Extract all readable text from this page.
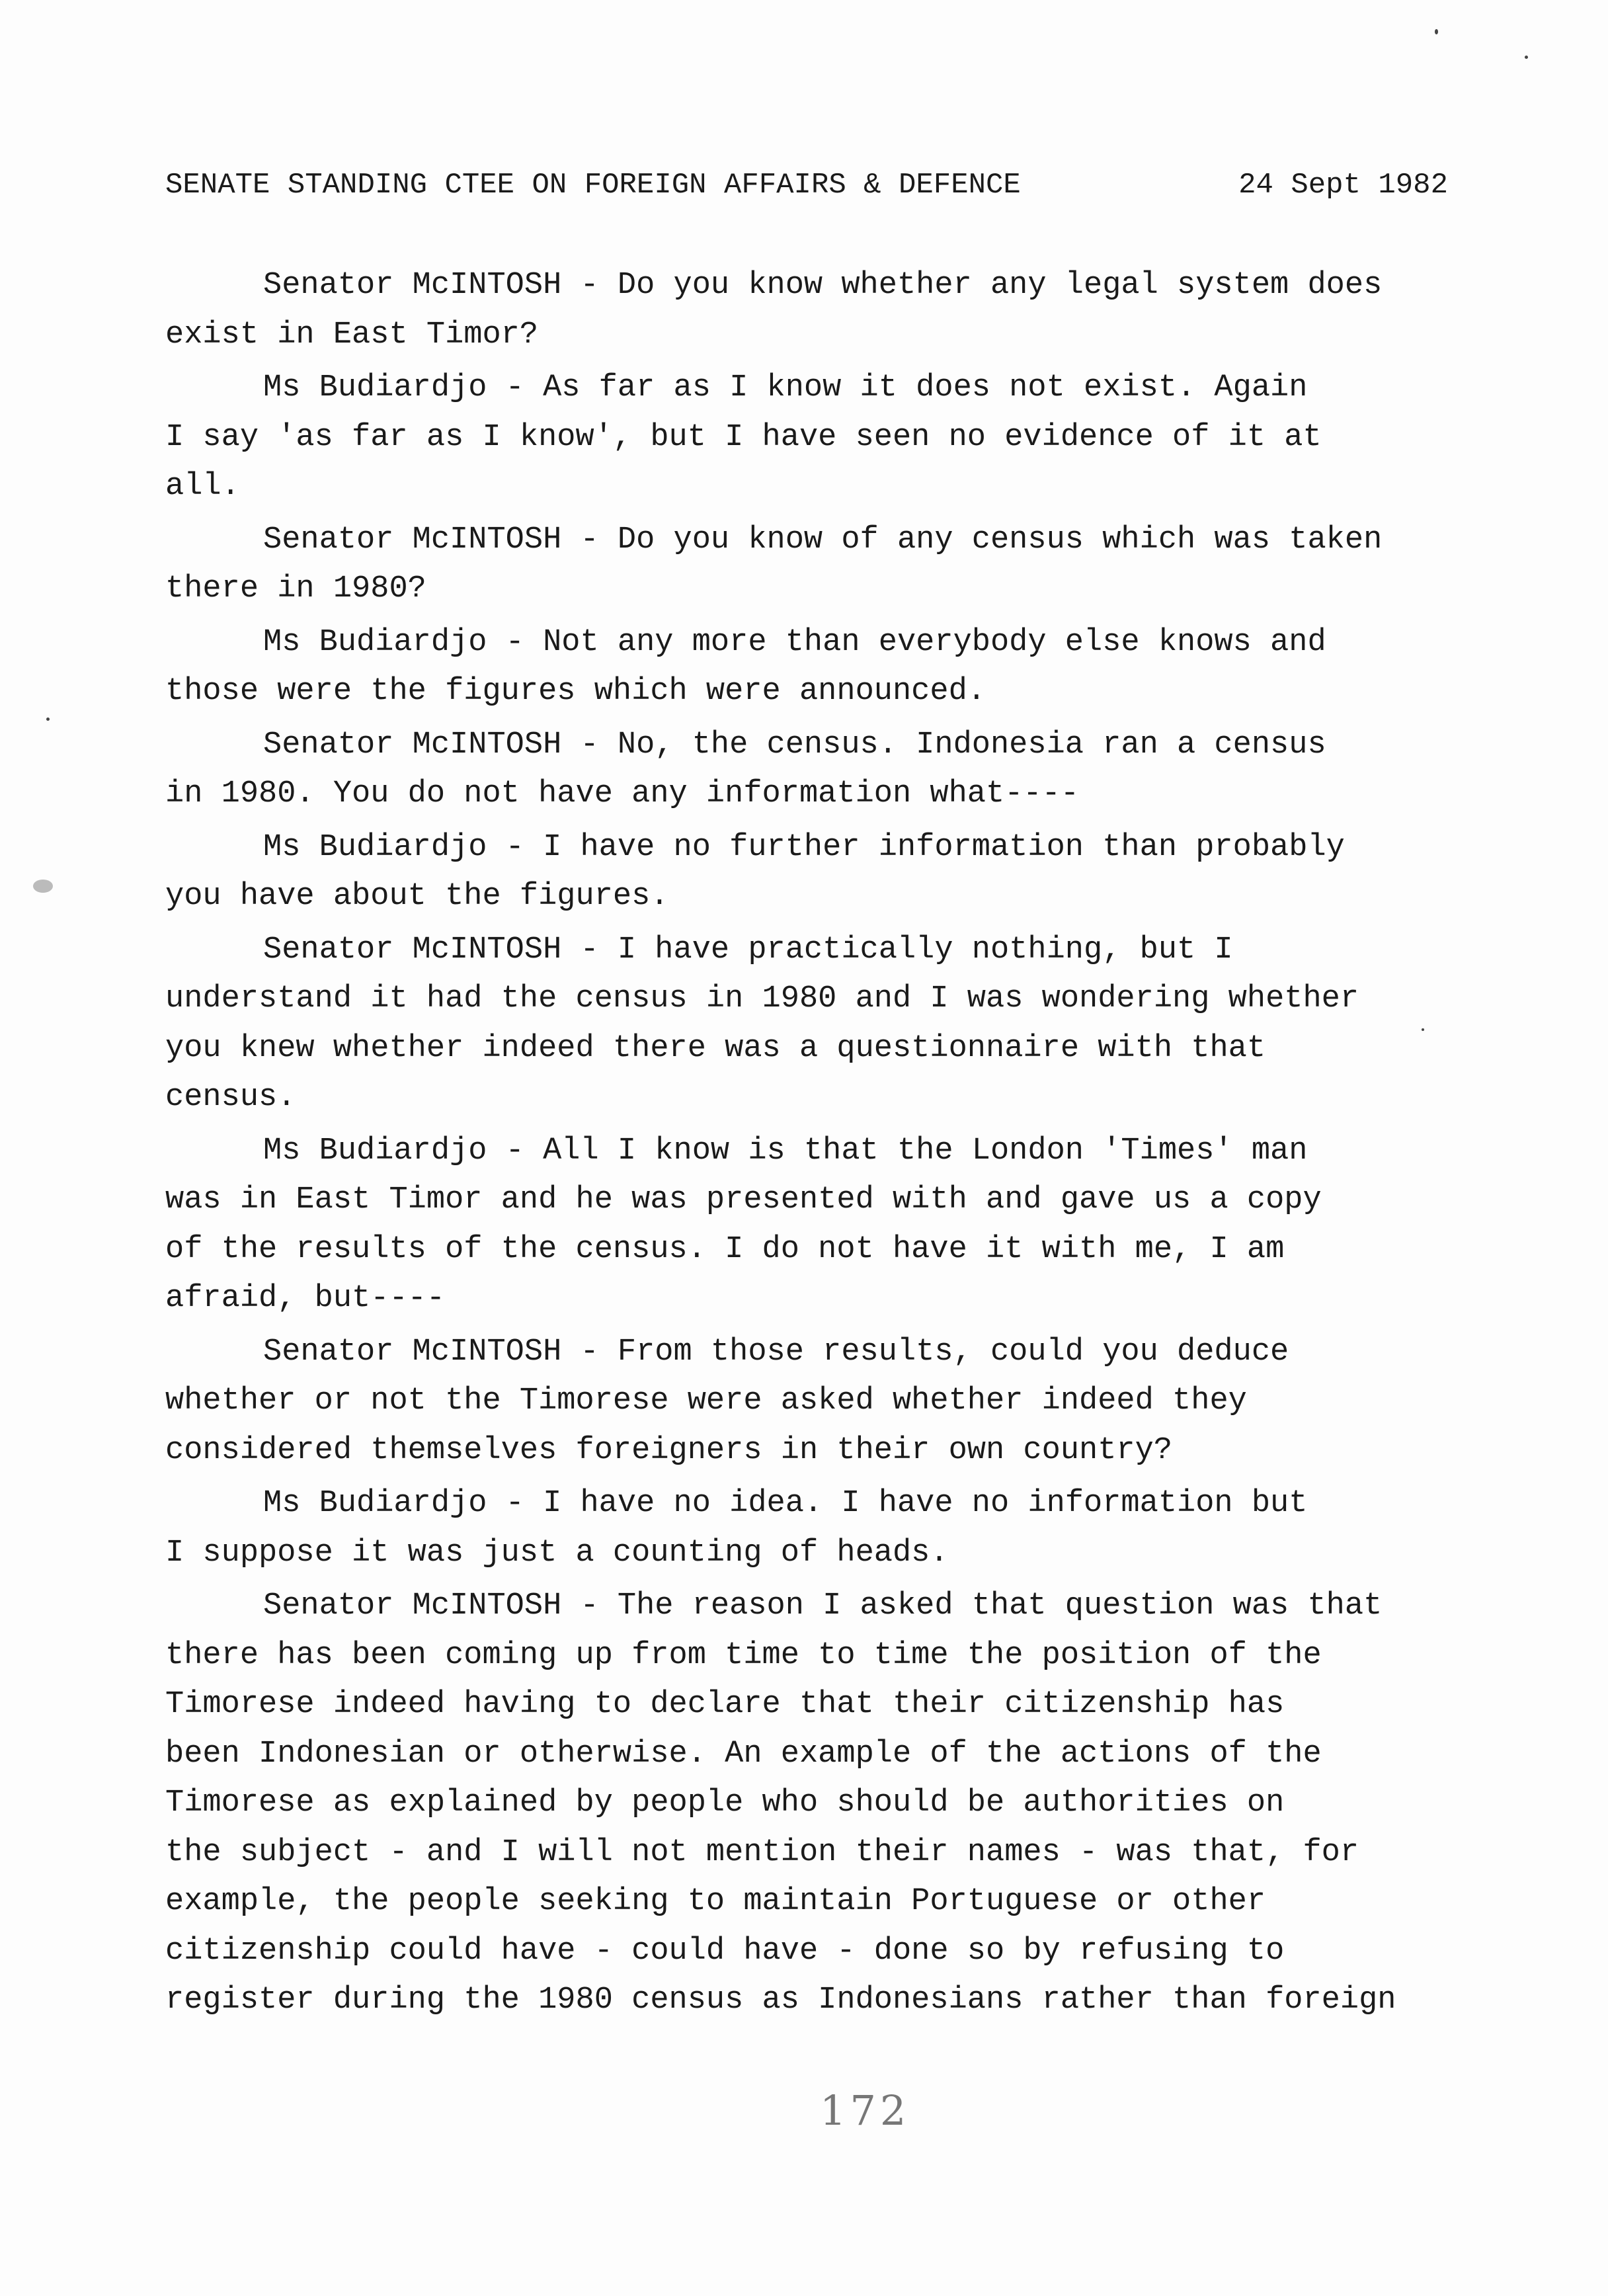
SENATE STANDING CTEE ON FOREIGN AFFAIRS & DEFENCE	24 Sept 1982
Senator McINTOSH - Do you know whether any legal system does
exist in East Timor?
Ms Budiardjo - As far as I know it does not exist. Again
I say 'as far as I know', but I have seen no evidence of it at
all.
Senator McINTOSH - Do you know of any census which was taken
there in 1980?
Ms Budiardjo - Not any more than everybody else knows and
those were the figures which were announced.
Senator McINTOSH - No, the census. Indonesia ran a census
in 1980. You do not have any information what----
Ms Budiardjo - I have no further information than probably
you have about the figures.
Senator McINTOSH - I have practically nothing, but I
understand it had the census in 1980 and I was wondering whether
you knew whether indeed there was a questionnaire with that
census.
Ms Budiardjo - All I know is that the London 'Times' man
was in East Timor and he was presented with and gave us a copy
of the results of the census. I do not have it with me, I am
afraid, but----
Senator McINTOSH - From those results, could you deduce
whether or not the Timorese were asked whether indeed they
considered themselves foreigners in their own country?
Ms Budiardjo - I have no idea. I have no information but
I suppose it was just a counting of heads.
Senator McINTOSH - The reason I asked that question was that
there has been coming up from time to time the position of the
Timorese indeed having to declare that their citizenship has
been Indonesian or otherwise. An example of the actions of the
Timorese as explained by people who should be authorities on
the subject - and I will not mention their names - was that, for
example, the people seeking to maintain Portuguese or other
citizenship could have - could have - done so by refusing to
register during the 1980 census as Indonesians rather than foreign
172
